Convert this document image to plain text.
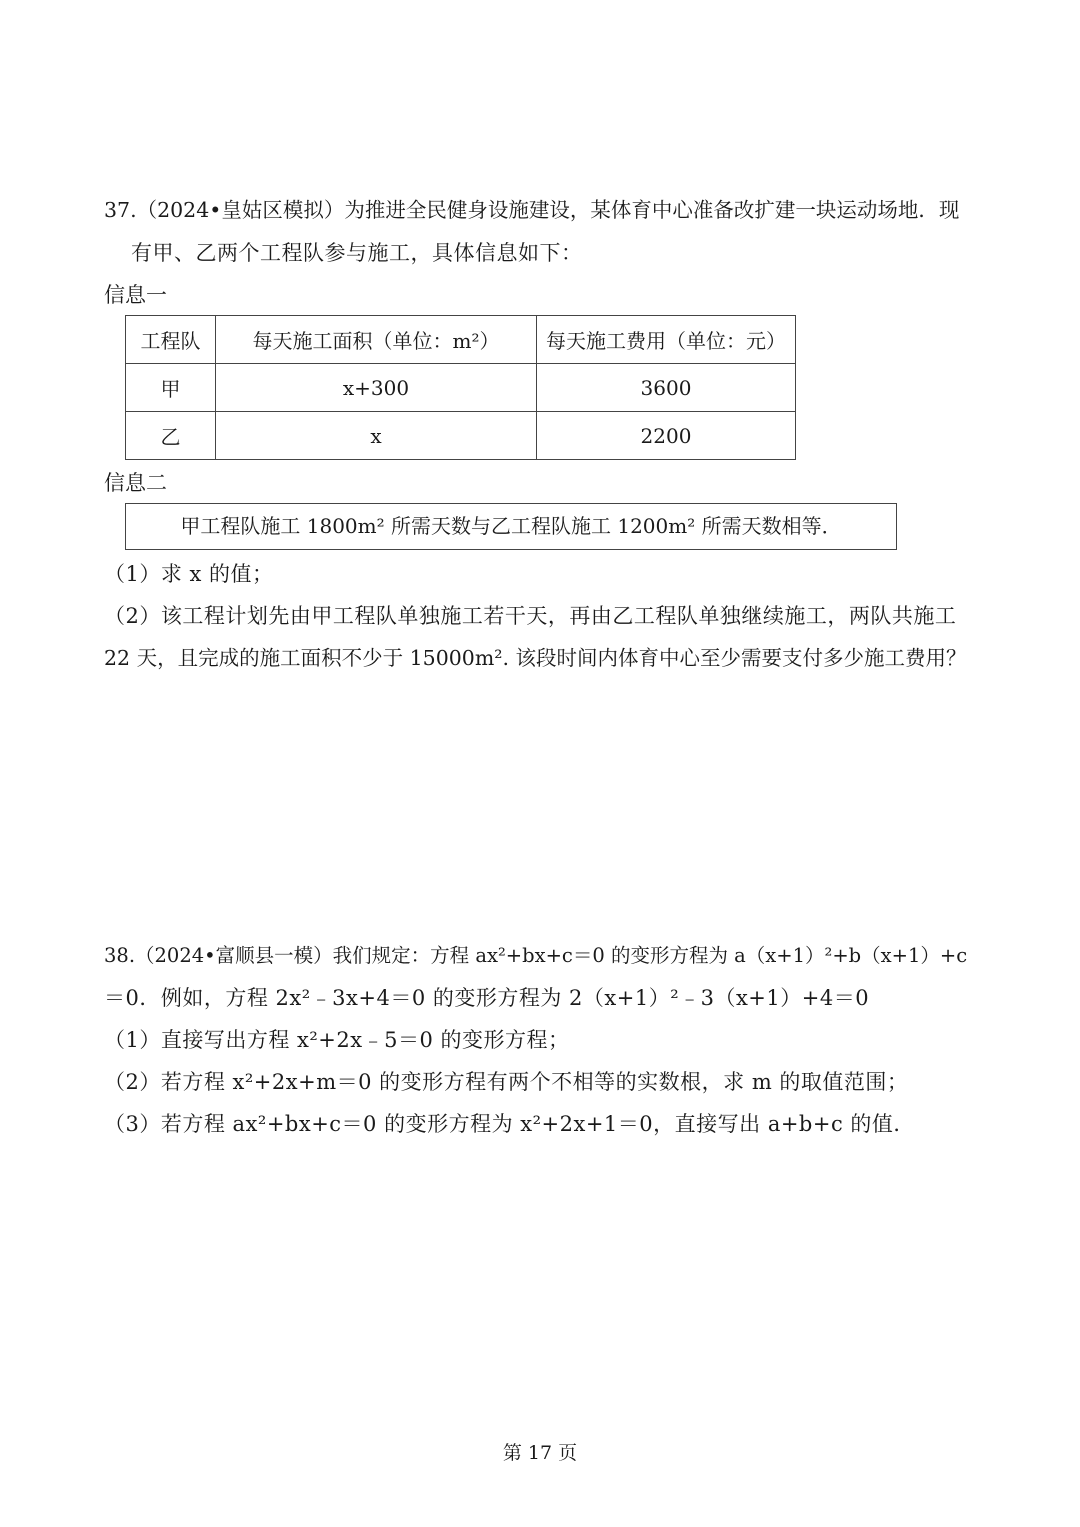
37.（2024•皇姑区模拟）为推进全民健身设施建设，某体育中心准备改扩建一块运动场地．现
有甲、乙两个工程队参与施工，具体信息如下：
信息一
工程队	每天施工面积（单位：m²）	每天施工费用（单位：元）
甲	x+300	3600
乙	x	2200
信息二
甲工程队施工 1800m² 所需天数与乙工程队施工 1200m² 所需天数相等．
（1）求 x 的值；
（2）该工程计划先由甲工程队单独施工若干天，再由乙工程队单独继续施工，两队共施工
22 天，且完成的施工面积不少于 15000m². 该段时间内体育中心至少需要支付多少施工费用？
38.（2024•富顺县一模）我们规定：方程 ax²+bx+c＝0 的变形方程为 a（x+1）²+b（x+1）+c
＝0．例如，方程 2x²﹣3x+4＝0 的变形方程为 2（x+1）²﹣3（x+1）+4＝0
（1）直接写出方程 x²+2x﹣5＝0 的变形方程；
（2）若方程 x²+2x+m＝0 的变形方程有两个不相等的实数根，求 m 的取值范围；
（3）若方程 ax²+bx+c＝0 的变形方程为 x²+2x+1＝0，直接写出 a+b+c 的值．
第 17 页
